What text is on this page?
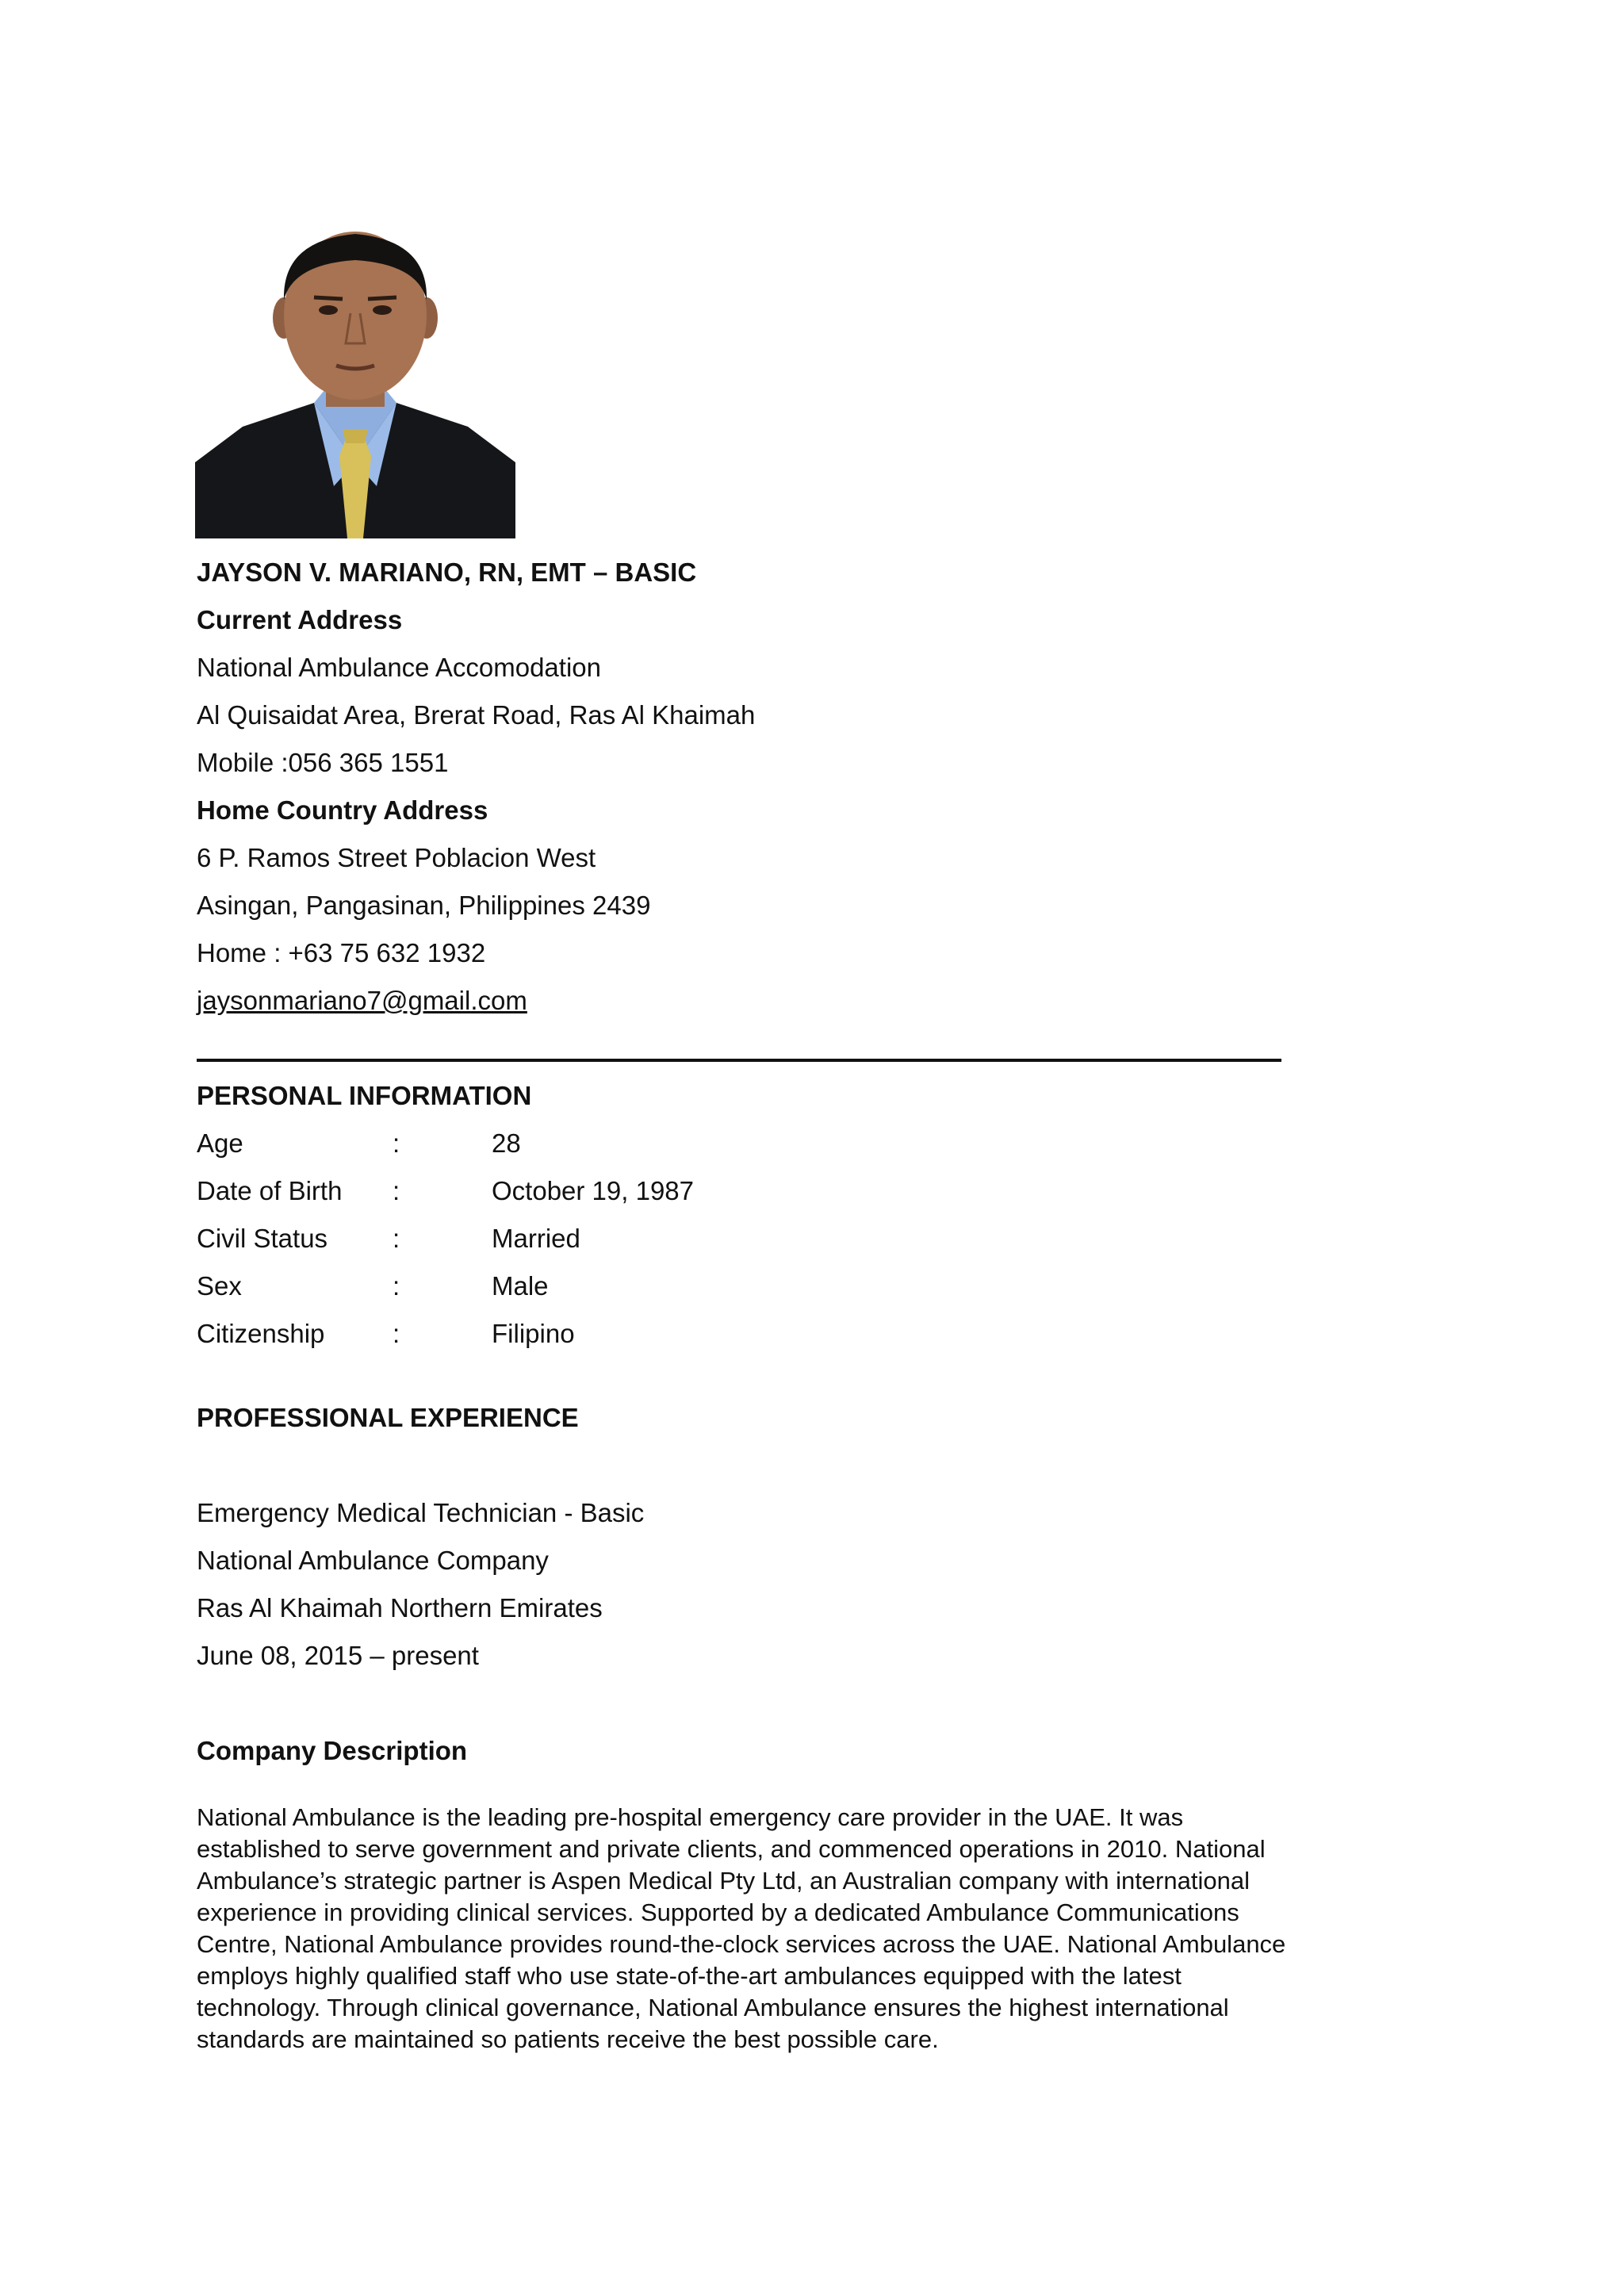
JAYSON V. MARIANO, RN, EMT – BASIC
Current Address
National Ambulance Accomodation
Al Quisaidat Area, Brerat Road, Ras Al Khaimah
Mobile :056 365 1551
Home Country Address
6 P. Ramos Street Poblacion West
Asingan, Pangasinan, Philippines 2439
Home : +63 75 632 1932
jaysonmariano7@gmail.com
PERSONAL INFORMATION
Age	:	28
Date of Birth :	October 19, 1987
Civil Status :	Married
Sex	:	Male
Citizenship	:	Filipino
PROFESSIONAL EXPERIENCE
Emergency Medical Technician - Basic
National Ambulance Company
Ras Al Khaimah Northern Emirates
June 08, 2015 – present
Company Description
National Ambulance is the leading pre-hospital emergency care provider in the UAE. It was
established to serve government and private clients, and commenced operations in 2010. National
Ambulance’s strategic partner is Aspen Medical Pty Ltd, an Australian company with international
experience in providing clinical services. Supported by a dedicated Ambulance Communications
Centre, National Ambulance provides round-the-clock services across the UAE. National Ambulance
employs highly qualified staff who use state-of-the-art ambulances equipped with the latest
technology. Through clinical governance, National Ambulance ensures the highest international
standards are maintained so patients receive the best possible care.
